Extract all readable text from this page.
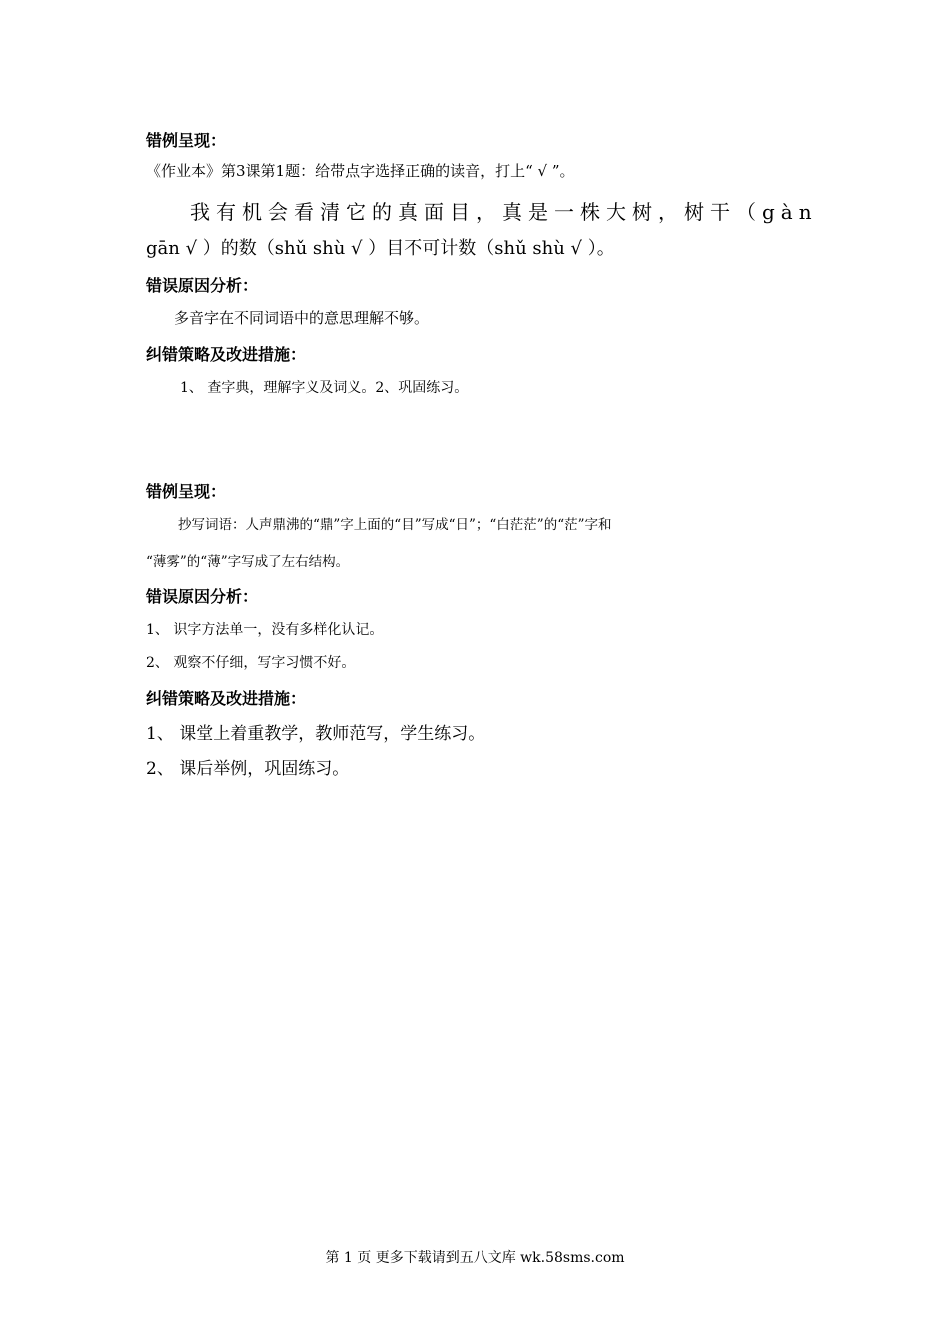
错例呈现：
《作业本》第3课第1题：给带点字选择正确的读音，打上“ √ ”。
我有机会看清它的真面目，真是一株大树，树干（gàn
gān √ ）的数（shǔ shù √ ）目不可计数（shǔ shù √ ）。
错误原因分析：
多音字在不同词语中的意思理解不够。
纠错策略及改进措施：
1、 查字典，理解字义及词义。2、巩固练习。
错例呈现：
抄写词语：人声鼎沸的“鼎”字上面的“目”写成“日”；“白茫茫”的“茫”字和
“薄雾”的“薄”字写成了左右结构。
错误原因分析：
1、 识字方法单一，没有多样化认记。
2、 观察不仔细，写字习惯不好。
纠错策略及改进措施：
1、 课堂上着重教学，教师范写，学生练习。
2、 课后举例，巩固练习。
第 1 页 更多下载请到五八文库 wk.58sms.com
